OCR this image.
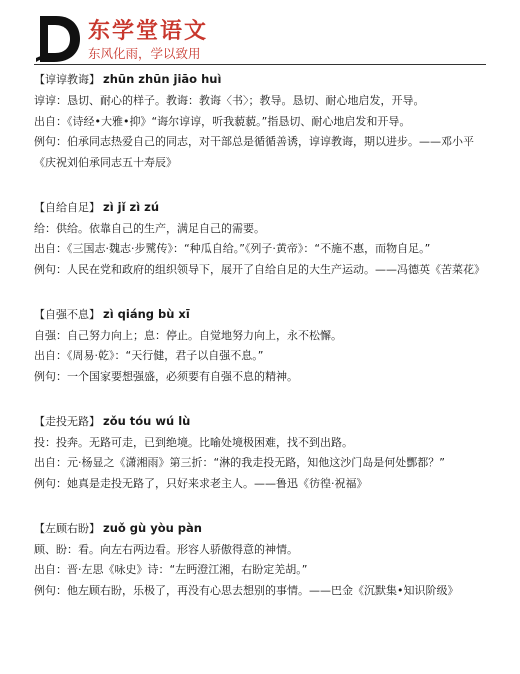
东学堂语文
东风化雨，学以致用
【谆谆教诲】 zhūn zhūn jiāo huì
谆谆：恳切、耐心的样子。教诲：教诲〈书〉；教导。恳切、耐心地启发，开导。
出自：《诗经•大雅•抑》“诲尔谆谆，听我藐藐。”指恳切、耐心地启发和开导。
例句：伯承同志热爱自己的同志，对干部总是循循善诱，谆谆教诲，期以进步。——邓小平《庆祝刘伯承同志五十寿辰》
【自给自足】 zì jǐ zì zú
给：供给。依靠自己的生产，满足自己的需要。
出自：《三国志·魏志·步騭传》：“种瓜自给。”《列子·黄帝》：“不施不惠，而物自足。”
例句：人民在党和政府的组织领导下，展开了自给自足的大生产运动。——冯德英《苦菜花》
【自强不息】 zì qiáng bù xī
自强：自己努力向上；息：停止。自觉地努力向上，永不松懈。
出自：《周易·乾》：“天行健，君子以自强不息。”
例句：一个国家要想强盛，必须要有自强不息的精神。
【走投无路】 zǒu tóu wú lù
投：投奔。无路可走，已到绝境。比喻处境极困难，找不到出路。
出自：元·杨显之《潇湘雨》第三折：“淋的我走投无路，知他这沙门岛是何处酆都？”
例句：她真是走投无路了，只好来求老主人。——鲁迅《彷徨·祝福》
【左顾右盼】 zuǒ gù yòu pàn
顾、盼：看。向左右两边看。形容人骄傲得意的神情。
出自：晋·左思《咏史》诗：“左眄澄江湘，右盼定羌胡。”
例句：他左顾右盼，乐极了，再没有心思去想别的事情。——巴金《沉默集•知识阶级》
